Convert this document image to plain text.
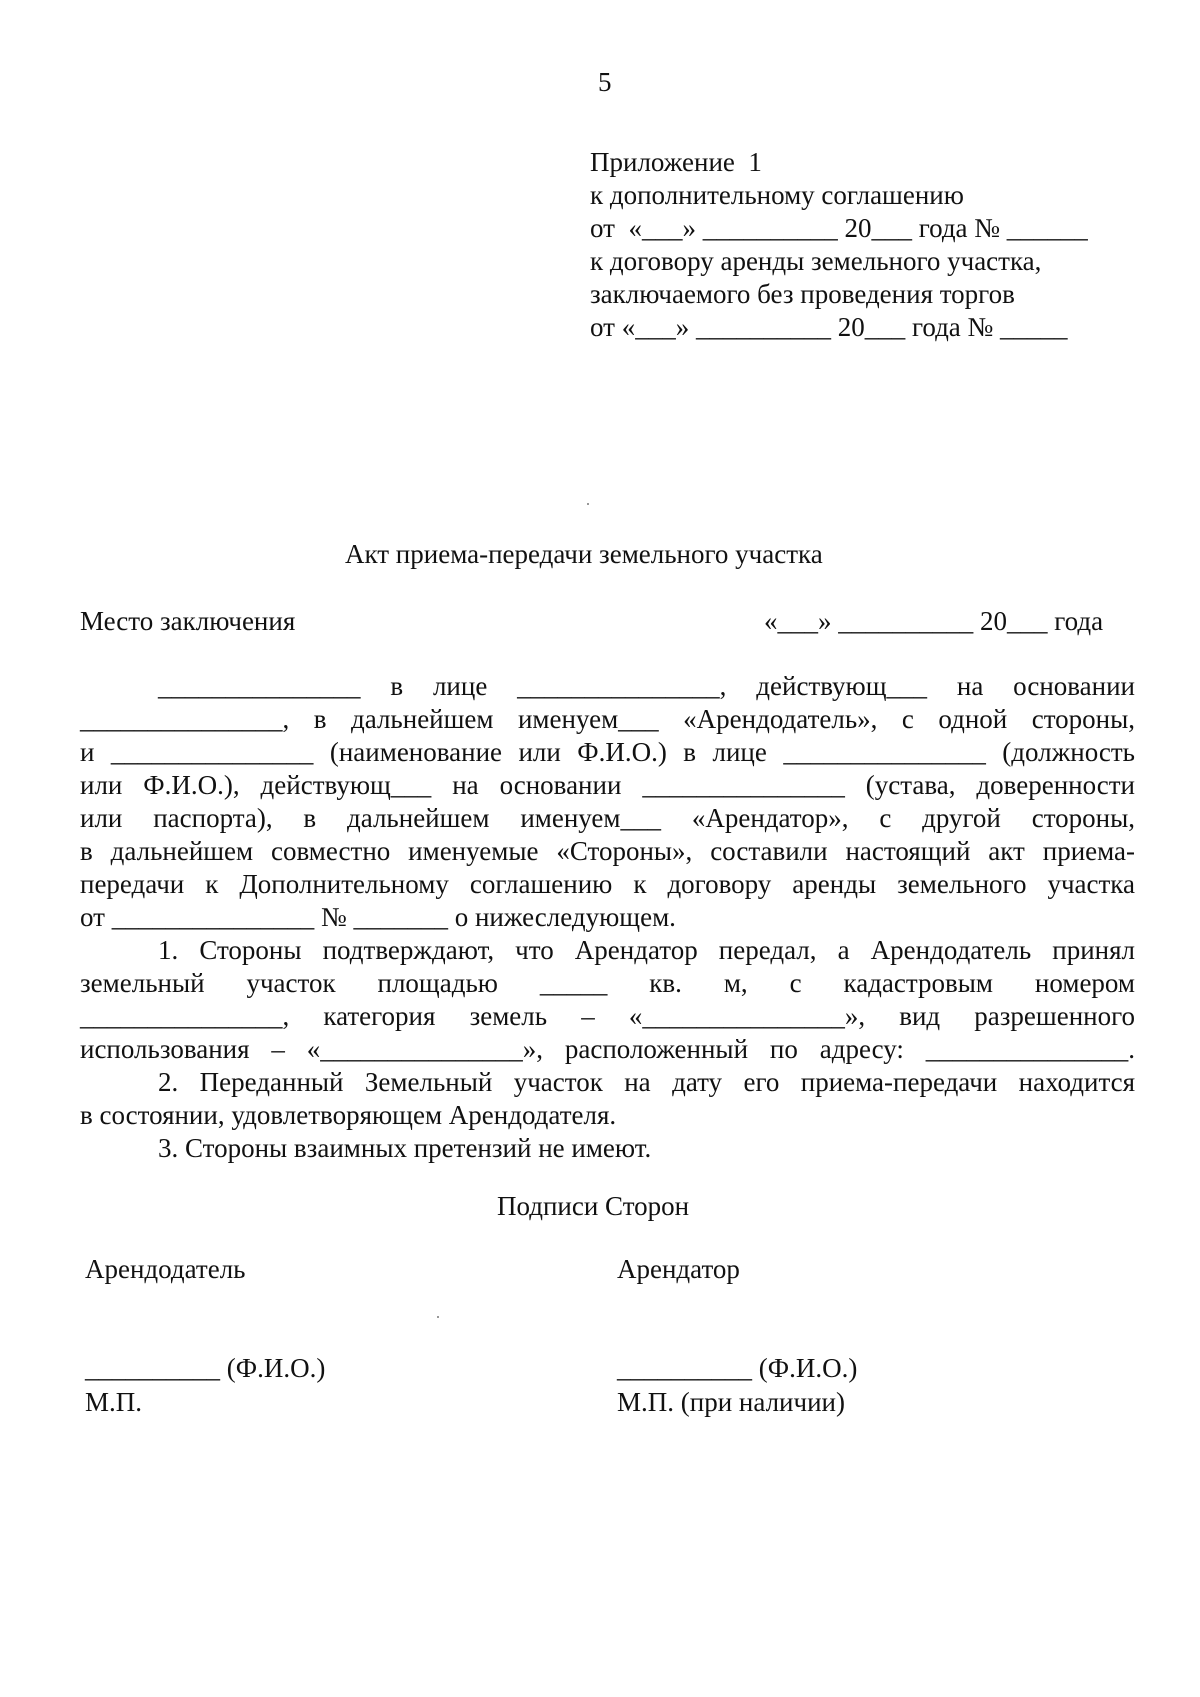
5
Приложение  1
к дополнительному соглашению
от  «___» __________ 20___ года № ______
к договору аренды земельного участка,
заключаемого без проведения торгов
от «___» __________ 20___ года № _____
Акт приема-передачи земельного участка
Место заключения	«___» __________ 20___ года
_______________ в лице _______________, действующ___ на основании
_______________, в дальнейшем именуем___ «Арендодатель», с одной стороны,
и _______________ (наименование или Ф.И.О.) в лице _______________ (должность
или Ф.И.О.), действующ___ на основании _______________ (устава, доверенности
или паспорта), в дальнейшем именуем___ «Арендатор», с другой стороны,
в дальнейшем совместно именуемые «Стороны», составили настоящий акт приема-
передачи к Дополнительному соглашению к договору аренды земельного участка
от _______________ № _______ о нижеследующем.
1. Стороны подтверждают, что Арендатор передал, а Арендодатель принял
земельный участок площадью _____ кв. м, с кадастровым номером
_______________, категория земель – «_______________», вид разрешенного
использования – «_______________», расположенный по адресу: _______________.
2. Переданный Земельный участок на дату его приема-передачи находится
в состоянии, удовлетворяющем Арендодателя.
3. Стороны взаимных претензий не имеют.
Подписи Сторон
Арендодатель	Арендатор
__________ (Ф.И.О.)	__________ (Ф.И.О.)
М.П.	М.П. (при наличии)
